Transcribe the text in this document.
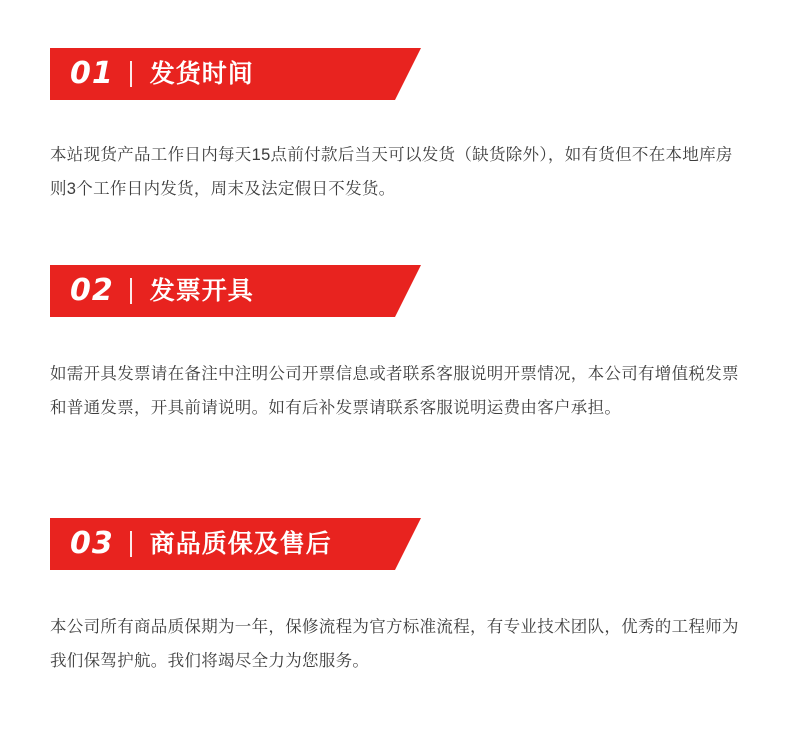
01	发货时间
本站现货产品工作日内每天15点前付款后当天可以发货（缺货除外），如有货但不在本地库房则3个工作日内发货，周末及法定假日不发货。
02	发票开具
如需开具发票请在备注中注明公司开票信息或者联系客服说明开票情况，本公司有增值税发票和普通发票，开具前请说明。如有后补发票请联系客服说明运费由客户承担。
03	商品质保及售后
本公司所有商品质保期为一年，保修流程为官方标准流程，有专业技术团队，优秀的工程师为我们保驾护航。我们将竭尽全力为您服务。
